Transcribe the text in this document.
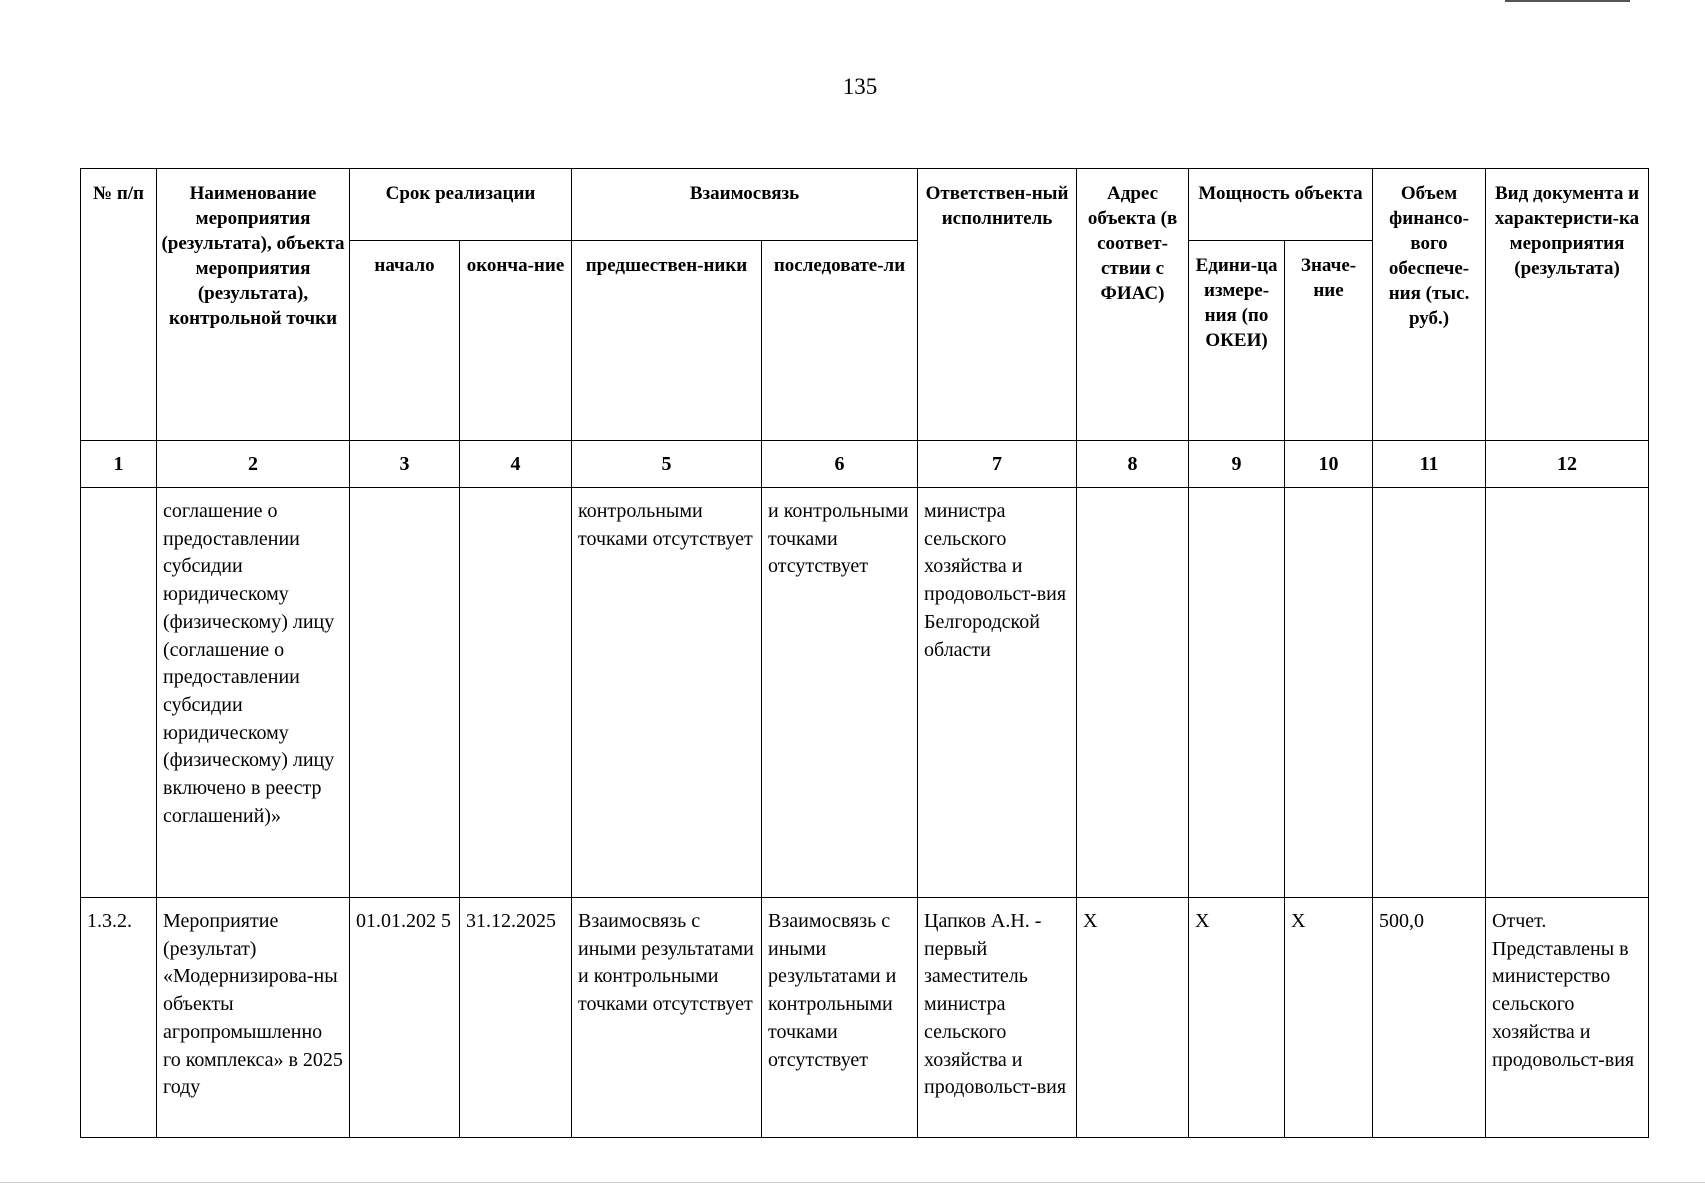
135
№ п/п	Наименование мероприятия (результата), объекта мероприятия (результата), контрольной точки	Срок реализации		Взаимосвязь		Ответствен-ный исполнитель	Адрес объекта (в соответ-ствии с ФИАС)	Мощность объекта		Объем финансо-вого обеспече-ния (тыс. руб.)	Вид документа и характеристи-ка мероприятия (результата)
		начало	оконча-ние	предшествен-ники	последовате-ли			Едини-ца измере-ния (по ОКЕИ)	Значе-ние		
1	2	3	4	5	6	7	8	9	10	11	12
	соглашение о предоставлении субсидии юридическому (физическому) лицу (соглашение о предоставлении субсидии юридическому (физическому) лицу включено в реестр соглашений)»			контрольными точками отсутствует	и контрольными точками отсутствует	министра сельского хозяйства и продовольст-вия Белгородской области					
1.3.2.	Мероприятие (результат) «Модернизирова-ны объекты агропромышленно го комплекса» в 2025 году	01.01.202 5	31.12.2025	Взаимосвязь с иными результатами и контрольными точками отсутствует	Взаимосвязь с иными результатами и контрольными точками отсутствует	Цапков А.Н. - первый заместитель министра сельского хозяйства и продовольст-вия	X	X	X	500,0	Отчет. Представлены в министерство сельского хозяйства и продовольст-вия
